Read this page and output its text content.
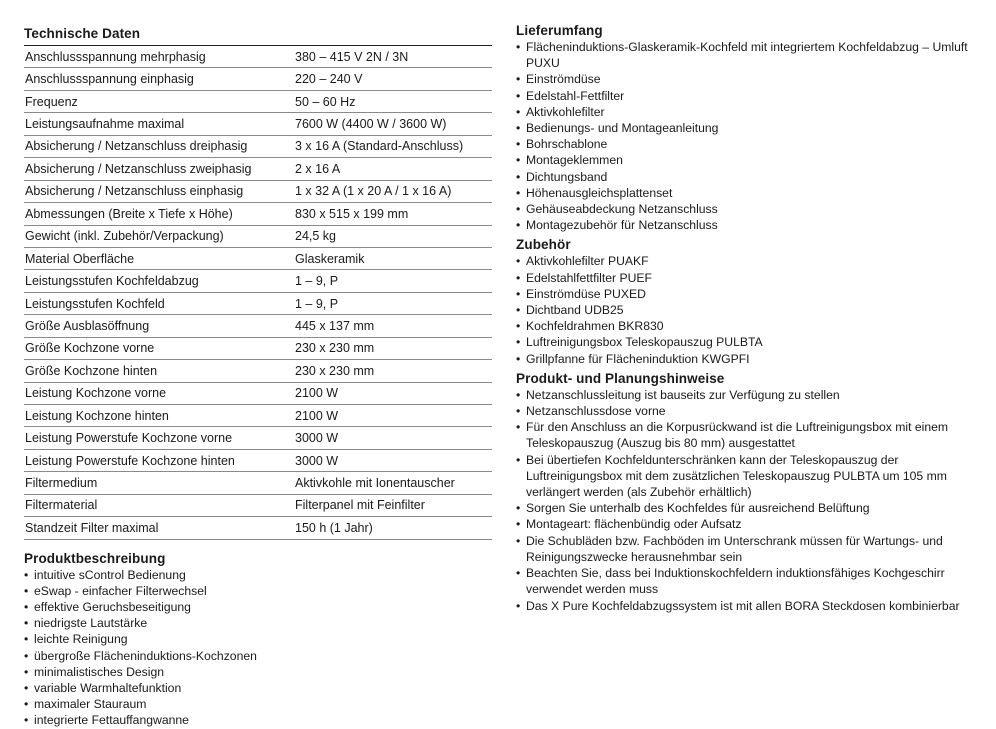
Technische Daten
Anschlussspannung mehrphasig	380 – 415 V 2N / 3N
Anschlussspannung einphasig	220 – 240 V
Frequenz	50 – 60 Hz
Leistungsaufnahme maximal	7600 W (4400 W / 3600 W)
Absicherung / Netzanschluss dreiphasig	3 x 16 A (Standard-Anschluss)
Absicherung / Netzanschluss zweiphasig	2 x 16 A
Absicherung / Netzanschluss einphasig	1 x 32 A (1 x 20 A / 1 x 16 A)
Abmessungen (Breite x Tiefe x Höhe)	830 x 515 x 199 mm
Gewicht (inkl. Zubehör/Verpackung)	24,5 kg
Material Oberfläche	Glaskeramik
Leistungsstufen Kochfeldabzug	1 – 9, P
Leistungsstufen Kochfeld	1 – 9, P
Größe Ausblasöffnung	445 x 137 mm
Größe Kochzone vorne	230 x 230 mm
Größe Kochzone hinten	230 x 230 mm
Leistung Kochzone vorne	2100 W
Leistung Kochzone hinten	2100 W
Leistung Powerstufe Kochzone vorne	3000 W
Leistung Powerstufe Kochzone hinten	3000 W
Filtermedium	Aktivkohle mit Ionentauscher
Filtermaterial	Filterpanel mit Feinfilter
Standzeit Filter maximal	150 h (1 Jahr)
Produktbeschreibung
• intuitive sControl Bedienung
• eSwap - einfacher Filterwechsel
• effektive Geruchsbeseitigung
• niedrigste Lautstärke
• leichte Reinigung
• übergroße Flächeninduktions-Kochzonen
• minimalistisches Design
• variable Warmhaltefunktion
• maximaler Stauraum
• integrierte Fettauffangwanne
Lieferumfang
• Flächeninduktions-Glaskeramik-Kochfeld mit integriertem Kochfeldabzug – Umluft PUXU
• Einströmdüse
• Edelstahl-Fettfilter
• Aktivkohlefilter
• Bedienungs- und Montageanleitung
• Bohrschablone
• Montageklemmen
• Dichtungsband
• Höhenausgleichsplattenset
• Gehäuseabdeckung Netzanschluss
• Montagezubehör für Netzanschluss
Zubehör
• Aktivkohlefilter PUAKF
• Edelstahlfettfilter PUEF
• Einströmdüse PUXED
• Dichtband UDB25
• Kochfeldrahmen BKR830
• Luftreinigungsbox Teleskopauszug PULBTA
• Grillpfanne für Flächeninduktion KWGPFI
Produkt- und Planungshinweise
• Netzanschlussleitung ist bauseits zur Verfügung zu stellen
• Netzanschlussdose vorne
• Für den Anschluss an die Korpusrückwand ist die Luftreinigungsbox mit einem Teleskopauszug (Auszug bis 80 mm) ausgestattet
• Bei übertiefen Kochfeldunterschränken kann der Teleskopauszug der Luftreinigungsbox mit dem zusätzlichen Teleskopauszug PULBTA um 105 mm verlängert werden (als Zubehör erhältlich)
• Sorgen Sie unterhalb des Kochfeldes für ausreichend Belüftung
• Montageart: flächenbündig oder Aufsatz
• Die Schubläden bzw. Fachböden im Unterschrank müssen für Wartungs- und Reinigungszwecke herausnehmbar sein
• Beachten Sie, dass bei Induktionskochfeldern induktionsfähiges Kochgeschirr verwendet werden muss
• Das X Pure Kochfeldabzugssystem ist mit allen BORA Steckdosen kombinierbar
